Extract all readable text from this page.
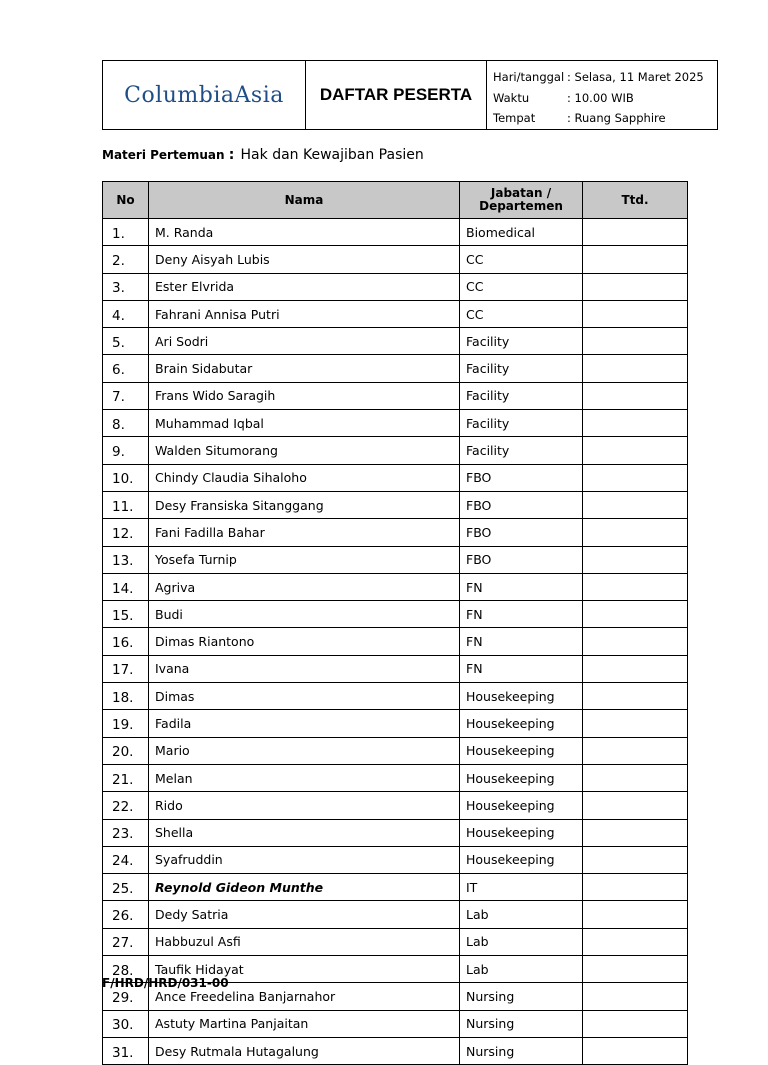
ColumbiaAsia	DAFTAR PESERTA
Hari/tanggal : Selasa, 11 Maret 2025
Waktu	: 10.00 WIB
Tempat	: Ruang Sapphire
Materi Pertemuan : Hak dan Kewajiban Pasien
No	Nama	Jabatan / Departemen	Ttd.
1.	M. Randa	Biomedical	
2.	Deny Aisyah Lubis	CC	
3.	Ester Elvrida	CC	
4.	Fahrani Annisa Putri	CC	
5.	Ari Sodri	Facility	
6.	Brain Sidabutar	Facility	
7.	Frans Wido Saragih	Facility	
8.	Muhammad Iqbal	Facility	
9.	Walden Situmorang	Facility	
10.	Chindy Claudia Sihaloho	FBO	
11.	Desy Fransiska Sitanggang	FBO	
12.	Fani Fadilla Bahar	FBO	
13.	Yosefa Turnip	FBO	
14.	Agriva	FN	
15.	Budi	FN	
16.	Dimas Riantono	FN	
17.	Ivana	FN	
18.	Dimas	Housekeeping	
19.	Fadila	Housekeeping	
20.	Mario	Housekeeping	
21.	Melan	Housekeeping	
22.	Rido	Housekeeping	
23.	Shella	Housekeeping	
24.	Syafruddin	Housekeeping	
25.	Reynold Gideon Munthe	IT	
26.	Dedy Satria	Lab	
27.	Habbuzul Asfi	Lab	
28.	Taufik Hidayat	Lab	
29.	Ance Freedelina Banjarnahor	Nursing	
30.	Astuty Martina Panjaitan	Nursing	
31.	Desy Rutmala Hutagalung	Nursing	
F/HRD/HRD/031-00
